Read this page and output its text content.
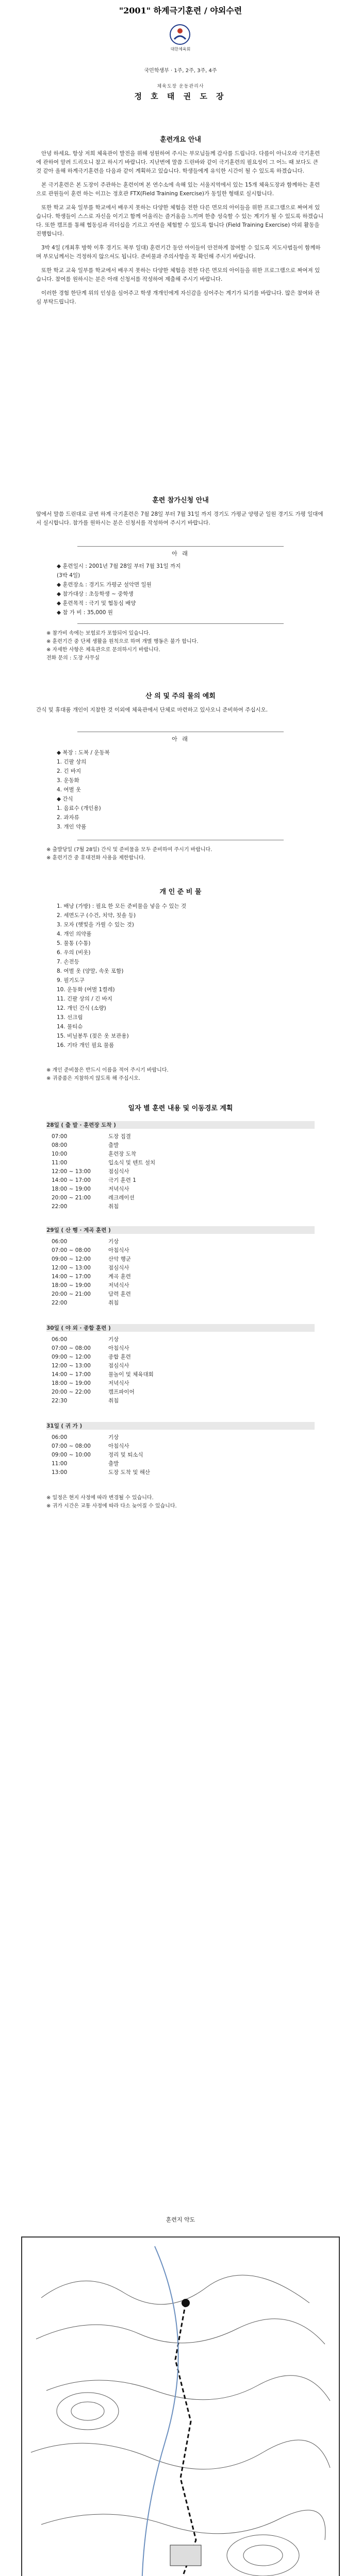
"2001" 하계극기훈련 / 야외수련
대한체육회
국민학생부 · 1주, 2주, 3주, 4주
체육도장 운동관리사
정 호 태 권 도 장
훈련개요 안내

안녕 하세요. 항상 저희 체육관이 발전을 위해 성원하여 주시는 부모님들께 감사를 드립니다. 다름이 아니오라 극기훈련에 관하여 알려 드리오니 참고 하시기 바랍니다. 지난번에 말씀 드린바와 같이 극기훈련의 필요성이 그 어느 때 보다도 큰 것 같아 올해 하계극기훈련을 다음과 같이 계획하고 있습니다. 학생들에게 유익한 시간이 될 수 있도록 하겠습니다.

본 극기훈련은 본 도장이 주관하는 훈련이며 본 연수소에 속해 있는 서울지역에서 있는 15개 체육도장과 함께하는 훈련으로 관원들이 훈련 하는 이끄는 정호관 FTX(Field Training Exercise)가 동일한 형태로 실시합니다.

또한 학교 교육 일부를 학교에서 배우지 못하는 다양한 체험을 전한 다른 면모의 아이들을 위한 프로그램으로 짜여져 있습니다. 학생들이 스스로 자신을 이기고 함께 어울리는 즐거움을 느끼며 한층 성숙할 수 있는 계기가 될 수 있도록 하겠습니다. 또한 캠프를 통해 협동심과 리더십을 기르고 자연을 체험할 수 있도록 합니다 (Field Training Exercise) 야외 활동을 진행합니다.

3박 4일 (개최후 방학 이후 경기도 북부 일대) 훈련기간 동안 아이들이 안전하게 참여할 수 있도록 지도사범들이 함께하며 부모님께서는 걱정하지 않으셔도 됩니다. 준비물과 주의사항을 꼭 확인해 주시기 바랍니다.

또한 학교 교육 일부를 학교에서 배우지 못하는 다양한 체험을 전한 다른 면모의 아이들을 위한 프로그램으로 짜여져 있습니다. 참여를 원하시는 분은 아래 신청서를 작성하여 제출해 주시기 바랍니다.

이러한 경험 한단계 위의 인성을 심어주고 학생 개개인에게 자신감을 심어주는 계기가 되기를 바랍니다. 많은 참여와 관심 부탁드립니다.

훈련 참가신청 안내
앞에서 말씀 드린대로 금번 하계 극기훈련은 7월 28일 부터 7월 31일 까지 경기도 가평군 양평군 일원 경기도 가평 일대에서 실시합니다. 참가를 원하시는 분은 신청서를 작성하여 주시기 바랍니다.
아 래
◆ 훈련일시 : 2001년 7월 28일 부터 7월 31일 까지
(3박 4일)
◆ 훈련장소 : 경기도 가평군 설악면 일원
◆ 참가대상 : 초등학생 ~ 중학생
◆ 훈련목적 : 극기 및 협동심 배양
◆ 참 가 비 : 35,000 원
※ 참가비 속에는 보험료가 포함되어 있습니다.
※ 훈련기간 중 단체 생활을 원칙으로 하며 개별 행동은 불가 합니다.
※ 자세한 사항은 체육관으로 문의하시기 바랍니다.
전화 문의 : 도장 사무실
산 의 및 주의 물의 예회
간식 및 휴대품 개인이 지참한 것 이외에 체육관에서 단체로 마련하고 있사오니 준비하여 주십시오.
아 래
◆ 복장 : 도복 / 운동복
1. 긴팔 상의
2. 긴 바지
3. 운동화
4. 여벌 옷
◆ 간식
1. 음료수 (개인용)
2. 과자류
3. 개인 약품
※ 출발당일 (7월 28일) 간식 및 준비물을 모두 준비하여 주시기 바랍니다.
※ 훈련기간 중 휴대전화 사용을 제한합니다.
개 인 준 비 물
1. 배낭 (가방) : 필요 한 모든 준비물을 넣을 수 있는 것
2. 세면도구 (수건, 치약, 칫솔 등)
3. 모자 (햇빛을 가릴 수 있는 것)
4. 개인 의약품
5. 물통 (수통)
6. 우의 (비옷)
7. 손전등
8. 여벌 옷 (양말, 속옷 포함)
9. 필기도구
10. 운동화 (여벌 1켤레)
11. 긴팔 상의 / 긴 바지
12. 개인 간식 (소량)
13. 선크림
14. 물티슈
15. 비닐봉투 (젖은 옷 보관용)
16. 기타 개인 필요 물품
※ 개인 준비물은 반드시 이름을 적어 주시기 바랍니다.
※ 귀중품은 지참하지 않도록 해 주십시오.
일자 별 훈련 내용 및 이동경로 계획
28일 ( 출 발 · 훈련장 도착 )
07:00	도장 집결
08:00	출발
10:00	훈련장 도착
11:00	입소식 및 텐트 설치
12:00 ~ 13:00	점심식사
14:00 ~ 17:00	극기 훈련 1
18:00 ~ 19:00	저녁식사
20:00 ~ 21:00	레크레이션
22:00	취침
29일 ( 산 행 · 계곡 훈련 )
06:00	기상
07:00 ~ 08:00	아침식사
09:00 ~ 12:00	산악 행군
12:00 ~ 13:00	점심식사
14:00 ~ 17:00	계곡 훈련
18:00 ~ 19:00	저녁식사
20:00 ~ 21:00	담력 훈련
22:00	취침
30일 ( 야 외 · 종합 훈련 )
06:00	기상
07:00 ~ 08:00	아침식사
09:00 ~ 12:00	종합 훈련
12:00 ~ 13:00	점심식사
14:00 ~ 17:00	물놀이 및 체육대회
18:00 ~ 19:00	저녁식사
20:00 ~ 22:00	캠프파이어
22:30	취침
31일 ( 귀 가 )
06:00	기상
07:00 ~ 08:00	아침식사
09:00 ~ 10:00	정리 및 퇴소식
11:00	출발
13:00	도장 도착 및 해산
※ 일정은 현지 사정에 따라 변경될 수 있습니다.
※ 귀가 시간은 교통 사정에 따라 다소 늦어질 수 있습니다.
훈련지 약도
